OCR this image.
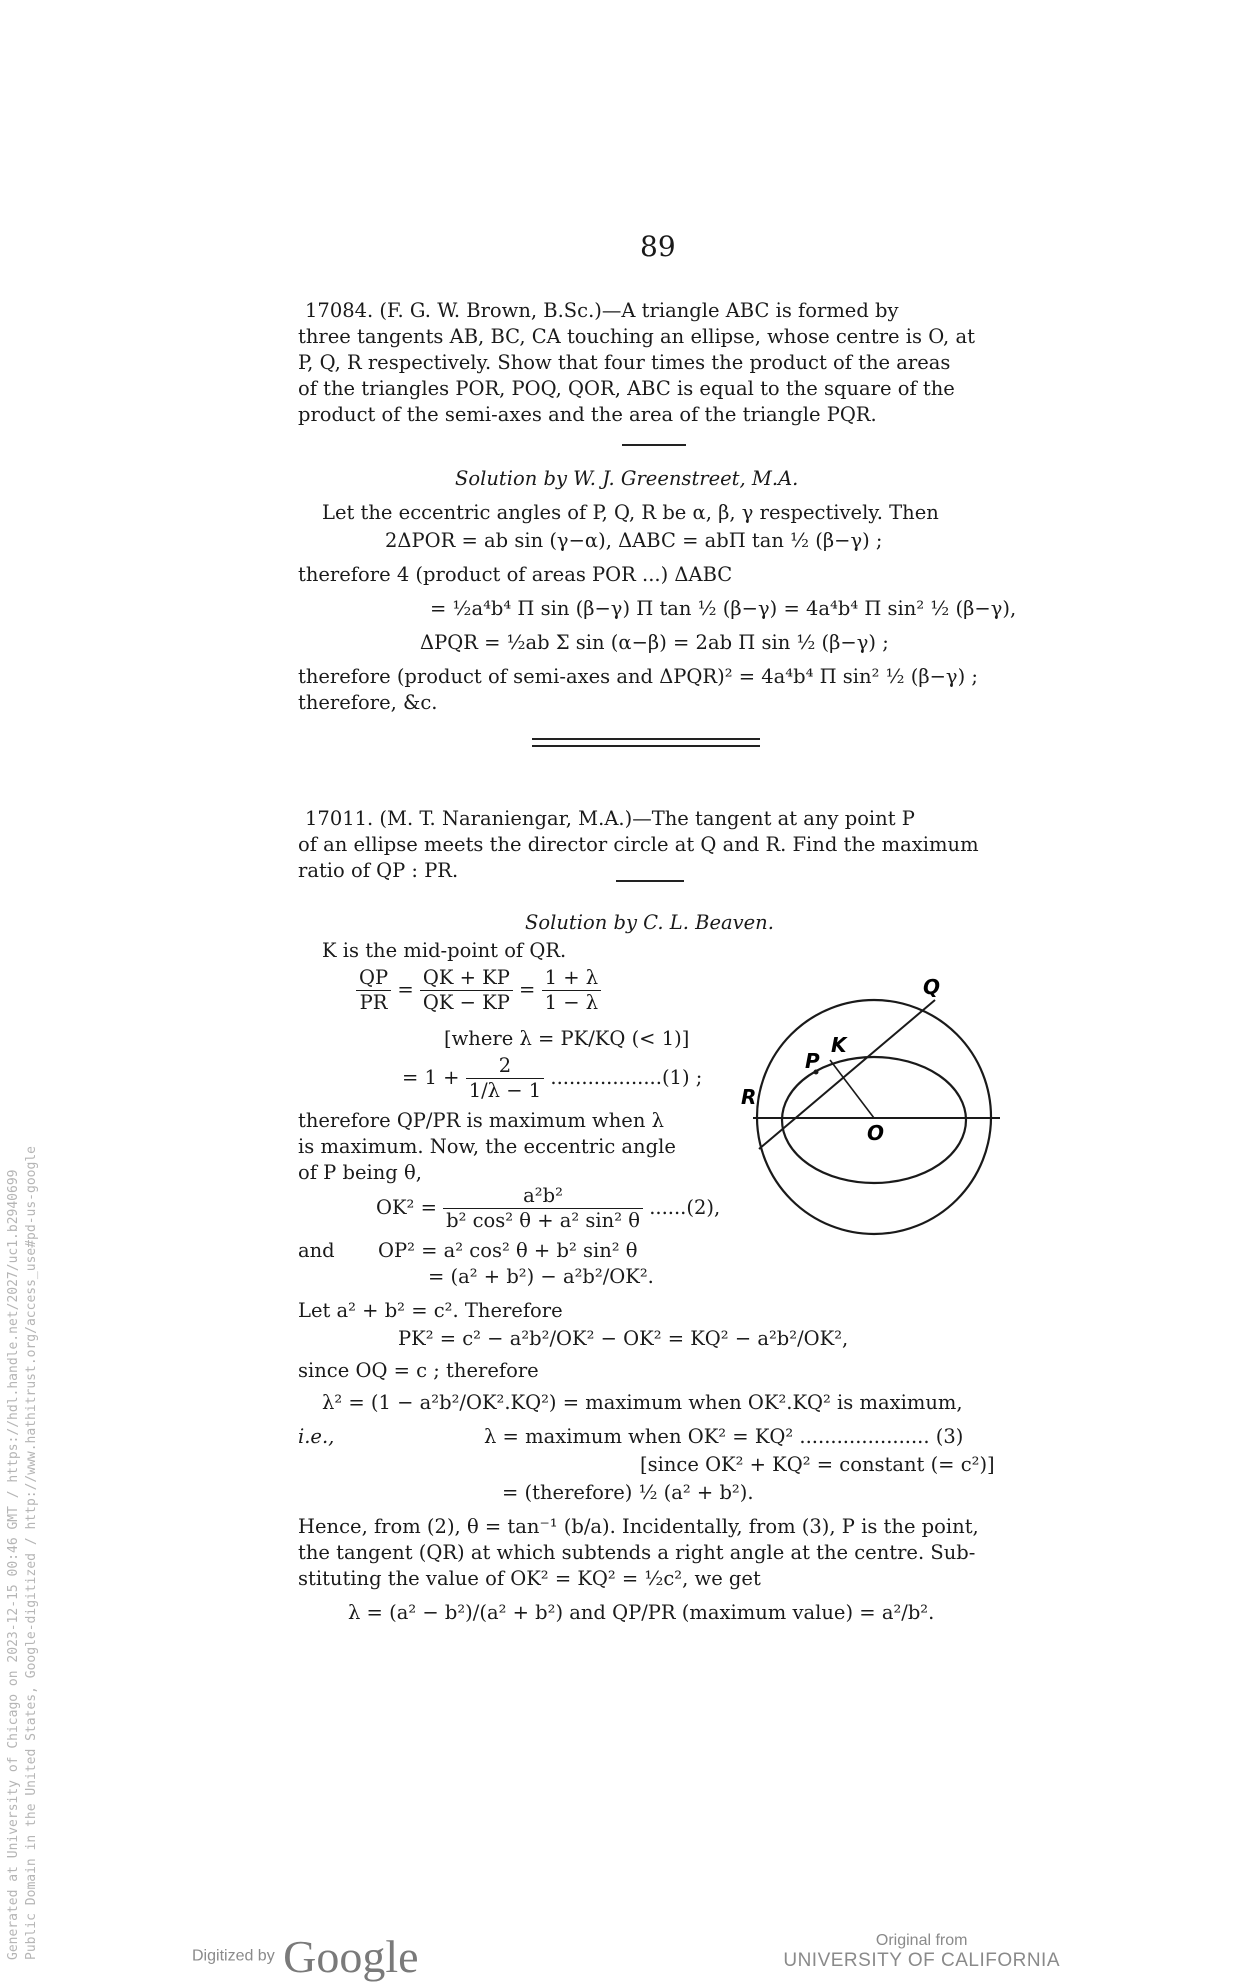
89
17084. (F. G. W. Brown, B.Sc.)—A triangle ABC is formed by
three tangents AB, BC, CA touching an ellipse, whose centre is O, at
P, Q, R respectively. Show that four times the product of the areas
of the triangles POR, POQ, QOR, ABC is equal to the square of the
product of the semi-axes and the area of the triangle PQR.
Solution by W. J. Greenstreet, M.A.
Let the eccentric angles of P, Q, R be α, β, γ respectively. Then
2ΔPOR = ab sin (γ−α), ΔABC = abΠ tan ½ (β−γ) ;
therefore 4 (product of areas POR ...) ΔABC
= ½a⁴b⁴ Π sin (β−γ) Π tan ½ (β−γ) = 4a⁴b⁴ Π sin² ½ (β−γ),
ΔPQR = ½ab Σ sin (α−β) = 2ab Π sin ½ (β−γ) ;
therefore (product of semi-axes and ΔPQR)² = 4a⁴b⁴ Π sin² ½ (β−γ) ;
therefore, &c.
17011. (M. T. Naraniengar, M.A.)—The tangent at any point P
of an ellipse meets the director circle at Q and R. Find the maximum
ratio of QP : PR.
Solution by C. L. Beaven.
K is the mid-point of QR.
$\frac{QP}{PR} = \frac{QK + KP}{QK - KP} = \frac{1 + \lambda}{1 - \lambda}$
[where λ = PK/KQ (< 1)]
= $1 + \frac{2}{1/\lambda - 1} ..................(1)$ ;
therefore QP/PR is maximum when λ
is maximum. Now, the eccentric angle
of P being θ,
$OK^2 = \frac{\text{a²b²}}{\text{b² cos² θ + a² sin² θ}} ......(2)$,
and OP² = a² cos² θ + b² sin² θ
= (a² + b²) − a²b²/OK².
Let a² + b² = c². Therefore
PK² = c² − a²b²/OK² − OK² = KQ² − a²b²/OK²,
since OQ = c ; therefore
λ² = (1 − a²b²/OK².KQ²) = maximum when OK².KQ² is maximum,
i.e.,	λ = maximum when OK² = KQ² ..................... (3)
[since OK² + KQ² = constant (= c²)]
= (therefore) ½ (a² + b²).
Hence, from (2), θ = tan⁻¹ (b/a). Incidentally, from (3), P is the point,
the tangent (QR) at which subtends a right angle at the centre. Sub-
stituting the value of OK² = KQ² = ½c², we get
λ = (a² − b²)/(a² + b²) and QP/PR (maximum value) = a²/b².
Q
P
K
R
O
Generated at University of Chicago on 2023-12-15 00:46 GMT / https://hdl.handle.net/2027/uc1.b2940699 Public Domain in the United States, Google-digitized / http://www.hathitrust.org/access_use#pd-us-google	Digitized by Google	Original from
UNIVERSITY OF CALIFORNIA
